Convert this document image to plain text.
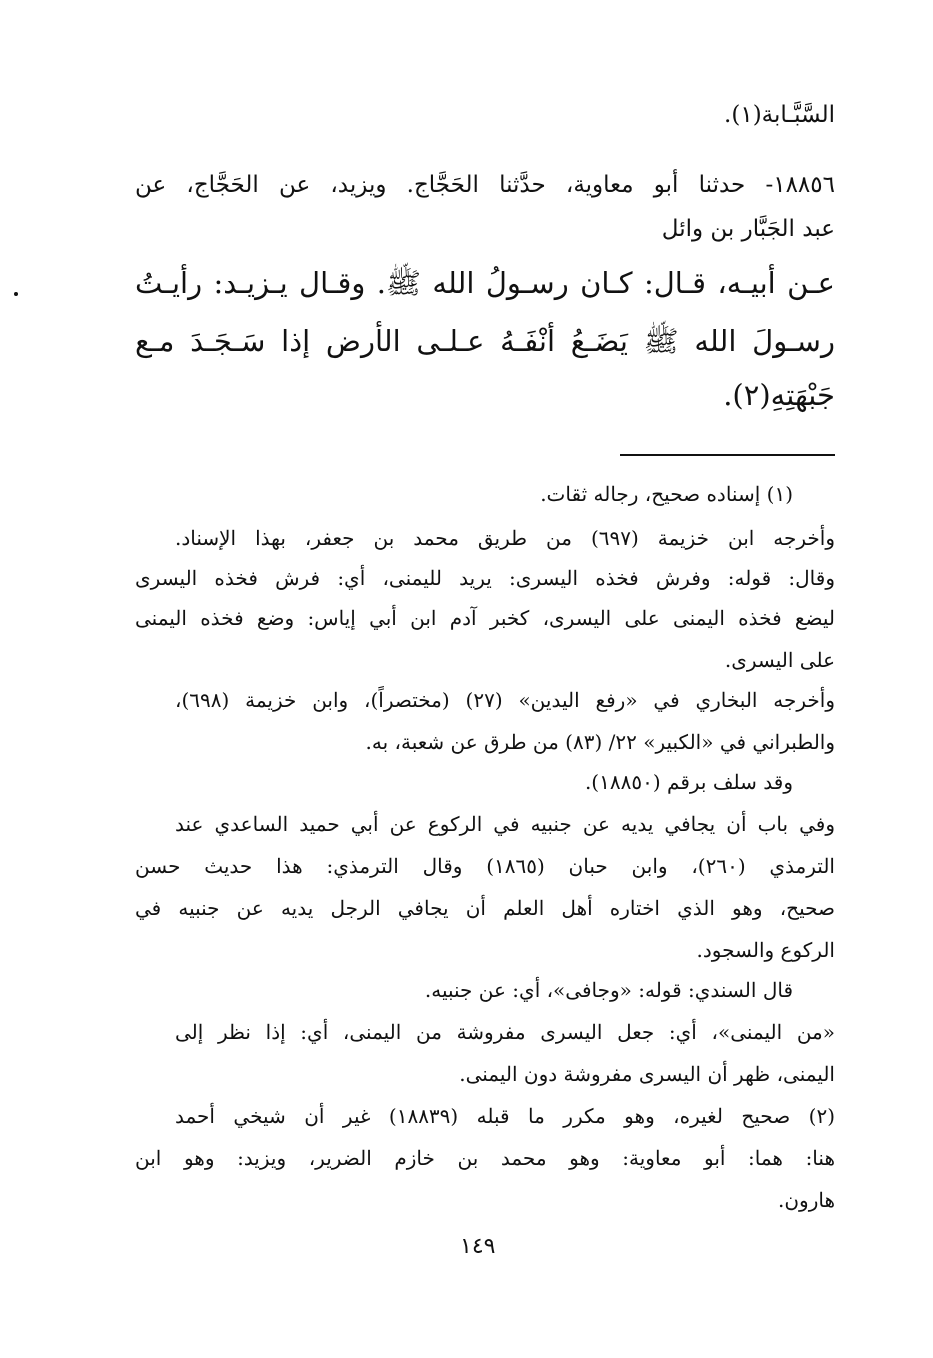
السَّبَّـابة(١).
١٨٨٥٦- حدثنا أبو معاوية، حدَّثنا الحَجَّاج. ويزيد، عن الحَجَّاج، عن
عبد الجَبَّار بن وائل
عـن أبيـه، قـال: كـان رسـولُ الله ﷺ. وقـال يـزيـد: رأيـتُ
رسـولَ الله ﷺ يَضَـعُ أنْفَـهُ عـلـى الأرض إذا سَـجَـدَ مـع
جَبْهَتِهِ(٢).
(١) إسناده صحيح، رجاله ثقات.
وأخرجه ابن خزيمة (٦٩٧) من طريق محمد بن جعفر، بهذا الإسناد.
وقال: قوله: وفرش فخذه اليسرى: يريد لليمنى، أي: فرش فخذه اليسرى
ليضع فخذه اليمنى على اليسرى، كخبر آدم ابن أبي إياس: وضع فخذه اليمنى
على اليسرى.
وأخرجه البخاري في «رفع اليدين» (٢٧) (مختصراً)، وابن خزيمة (٦٩٨)،
والطبراني في «الكبير» ٢٢/ (٨٣) من طرق عن شعبة، به.
وقد سلف برقم (١٨٨٥٠).
وفي باب أن يجافي يديه عن جنبيه في الركوع عن أبي حميد الساعدي عند
الترمذي (٢٦٠)، وابن حبان (١٨٦٥) وقال الترمذي: هذا حديث حسن
صحيح، وهو الذي اختاره أهل العلم أن يجافي الرجل يديه عن جنبيه في
الركوع والسجود.
قال السندي: قوله: «وجافى»، أي: عن جنبيه.
«من اليمنى»، أي: جعل اليسرى مفروشة من اليمنى، أي: إذا نظر إلى
اليمنى، ظهر أن اليسرى مفروشة دون اليمنى.
(٢) صحيح لغيره، وهو مكرر ما قبله (١٨٨٣٩) غير أن شيخي أحمد
هنا: هما: أبو معاوية: وهو محمد بن خازم الضرير، ويزيد: وهو ابن
هارون.
١٤٩
